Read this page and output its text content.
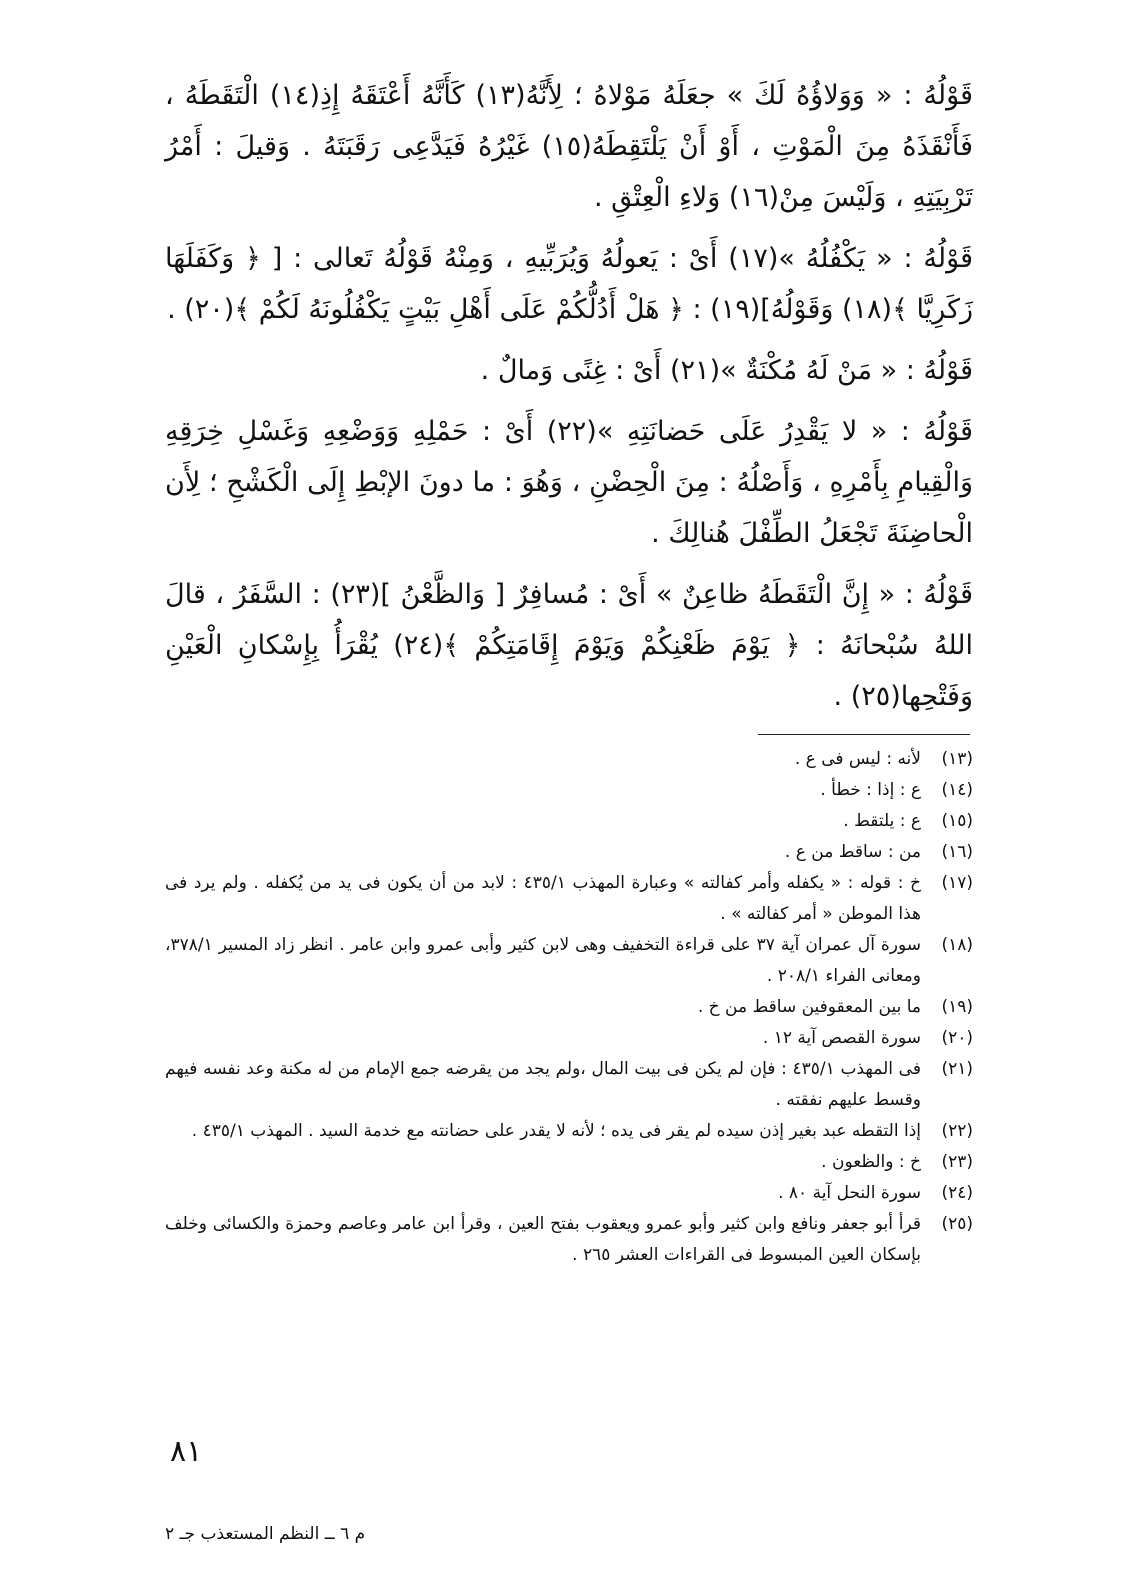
قَوْلُهُ : « وَوَلاؤُهُ لَكَ » جعَلَهُ مَوْلاهُ ؛ لِأَنَّهُ(١٣) كَأَنَّهُ أَعْتَقَهُ إِذِ(١٤) الْتَقَطَهُ ، فَأَنْقَذَهُ مِنَ الْمَوْتِ ، أَوْ أَنْ يَلْتَقِطَهُ(١٥) غَيْرُهُ فَيَدَّعِى رَقَبَتَهُ . وَقيلَ : أَمْرُ تَرْبِيَتِهِ ، وَلَيْسَ مِنْ(١٦) وَلاءِ الْعِتْقِ .

قَوْلُهُ : « يَكْفُلُهُ »(١٧) أَىْ : يَعولُهُ وَيُرَبِّيهِ ، وَمِنْهُ قَوْلُهُ تَعالى : [ ﴿ وَكَفَلَهَا زَكَرِيَّا ﴾(١٨) وَقَوْلُهُ](١٩) : ﴿ هَلْ أَدُلُّكُمْ عَلَى أَهْلِ بَيْتٍ يَكْفُلُونَهُ لَكُمْ ﴾(٢٠) .

قَوْلُهُ : « مَنْ لَهُ مُكْنَةٌ »(٢١) أَىْ : غِنًى وَمالٌ .

قَوْلُهُ : « لا يَقْدِرُ عَلَى حَضانَتِهِ »(٢٢) أَىْ : حَمْلِهِ وَوَضْعِهِ وَغَسْلِ خِرَقِهِ وَالْقِيامِ بِأَمْرِهِ ، وَأَصْلُهُ : مِنَ الْحِضْنِ ، وَهُوَ : ما دونَ الإبْطِ إِلَى الْكَشْحِ ؛ لِأَن الْحاضِنَةَ تَجْعَلُ الطِّفْلَ هُنالِكَ .

قَوْلُهُ : « إِنَّ الْتَقَطَهُ ظاعِنٌ » أَىْ : مُسافِرٌ [ وَالظَّعْنُ ](٢٣) : السَّفَرُ ، قالَ اللهُ سُبْحانَهُ : ﴿ يَوْمَ ظَعْنِكُمْ وَيَوْمَ إِقَامَتِكُمْ ﴾(٢٤) يُقْرَأُ بِإِسْكانِ الْعَيْنِ وَفَتْحِها(٢٥) .

(١٣)
لأنه : ليس فى ع .
(١٤)
ع : إذا : خطأ .
(١٥)
ع : يلتقط .
(١٦)
من : ساقط من ع .
(١٧)
خ : قوله : « يكفله وأمر كفالته » وعبارة المهذب ٤٣٥/١ : لابد من أن يكون فى يد من يُكفله . ولم يرد فى هذا الموطن « أمر كفالته » .
(١٨)
سورة آل عمران آية ٣٧ على قراءة التخفيف وهى لابن كثير وأبى عمرو وابن عامر . انظر زاد المسير ٣٧٨/١، ومعانى الفراء ٢٠٨/١ .
(١٩)
ما بين المعقوفين ساقط من خ .
(٢٠)
سورة القصص آية ١٢ .
(٢١)
فى المهذب ٤٣٥/١ : فإن لم يكن فى بيت المال ،ولم يجد من يقرضه جمع الإمام من له مكنة وعد نفسه فيهم وقسط عليهم نفقته .
(٢٢)
إذا التقطه عبد بغير إذن سيده لم يقر فى يده ؛ لأنه لا يقدر على حضانته مع خدمة السيد . المهذب ٤٣٥/١ .
(٢٣)
خ : والظعون .
(٢٤)
سورة النحل آية ٨٠ .
(٢٥)
قرأ أبو جعفر ونافع وابن كثير وأبو عمرو ويعقوب بفتح العين ، وقرأ ابن عامر وعاصم وحمزة والكسائى وخلف بإسكان العين المبسوط فى القراءات العشر ٢٦٥ .
٨١
م ٦ ــ النظم المستعذب جـ ٢
